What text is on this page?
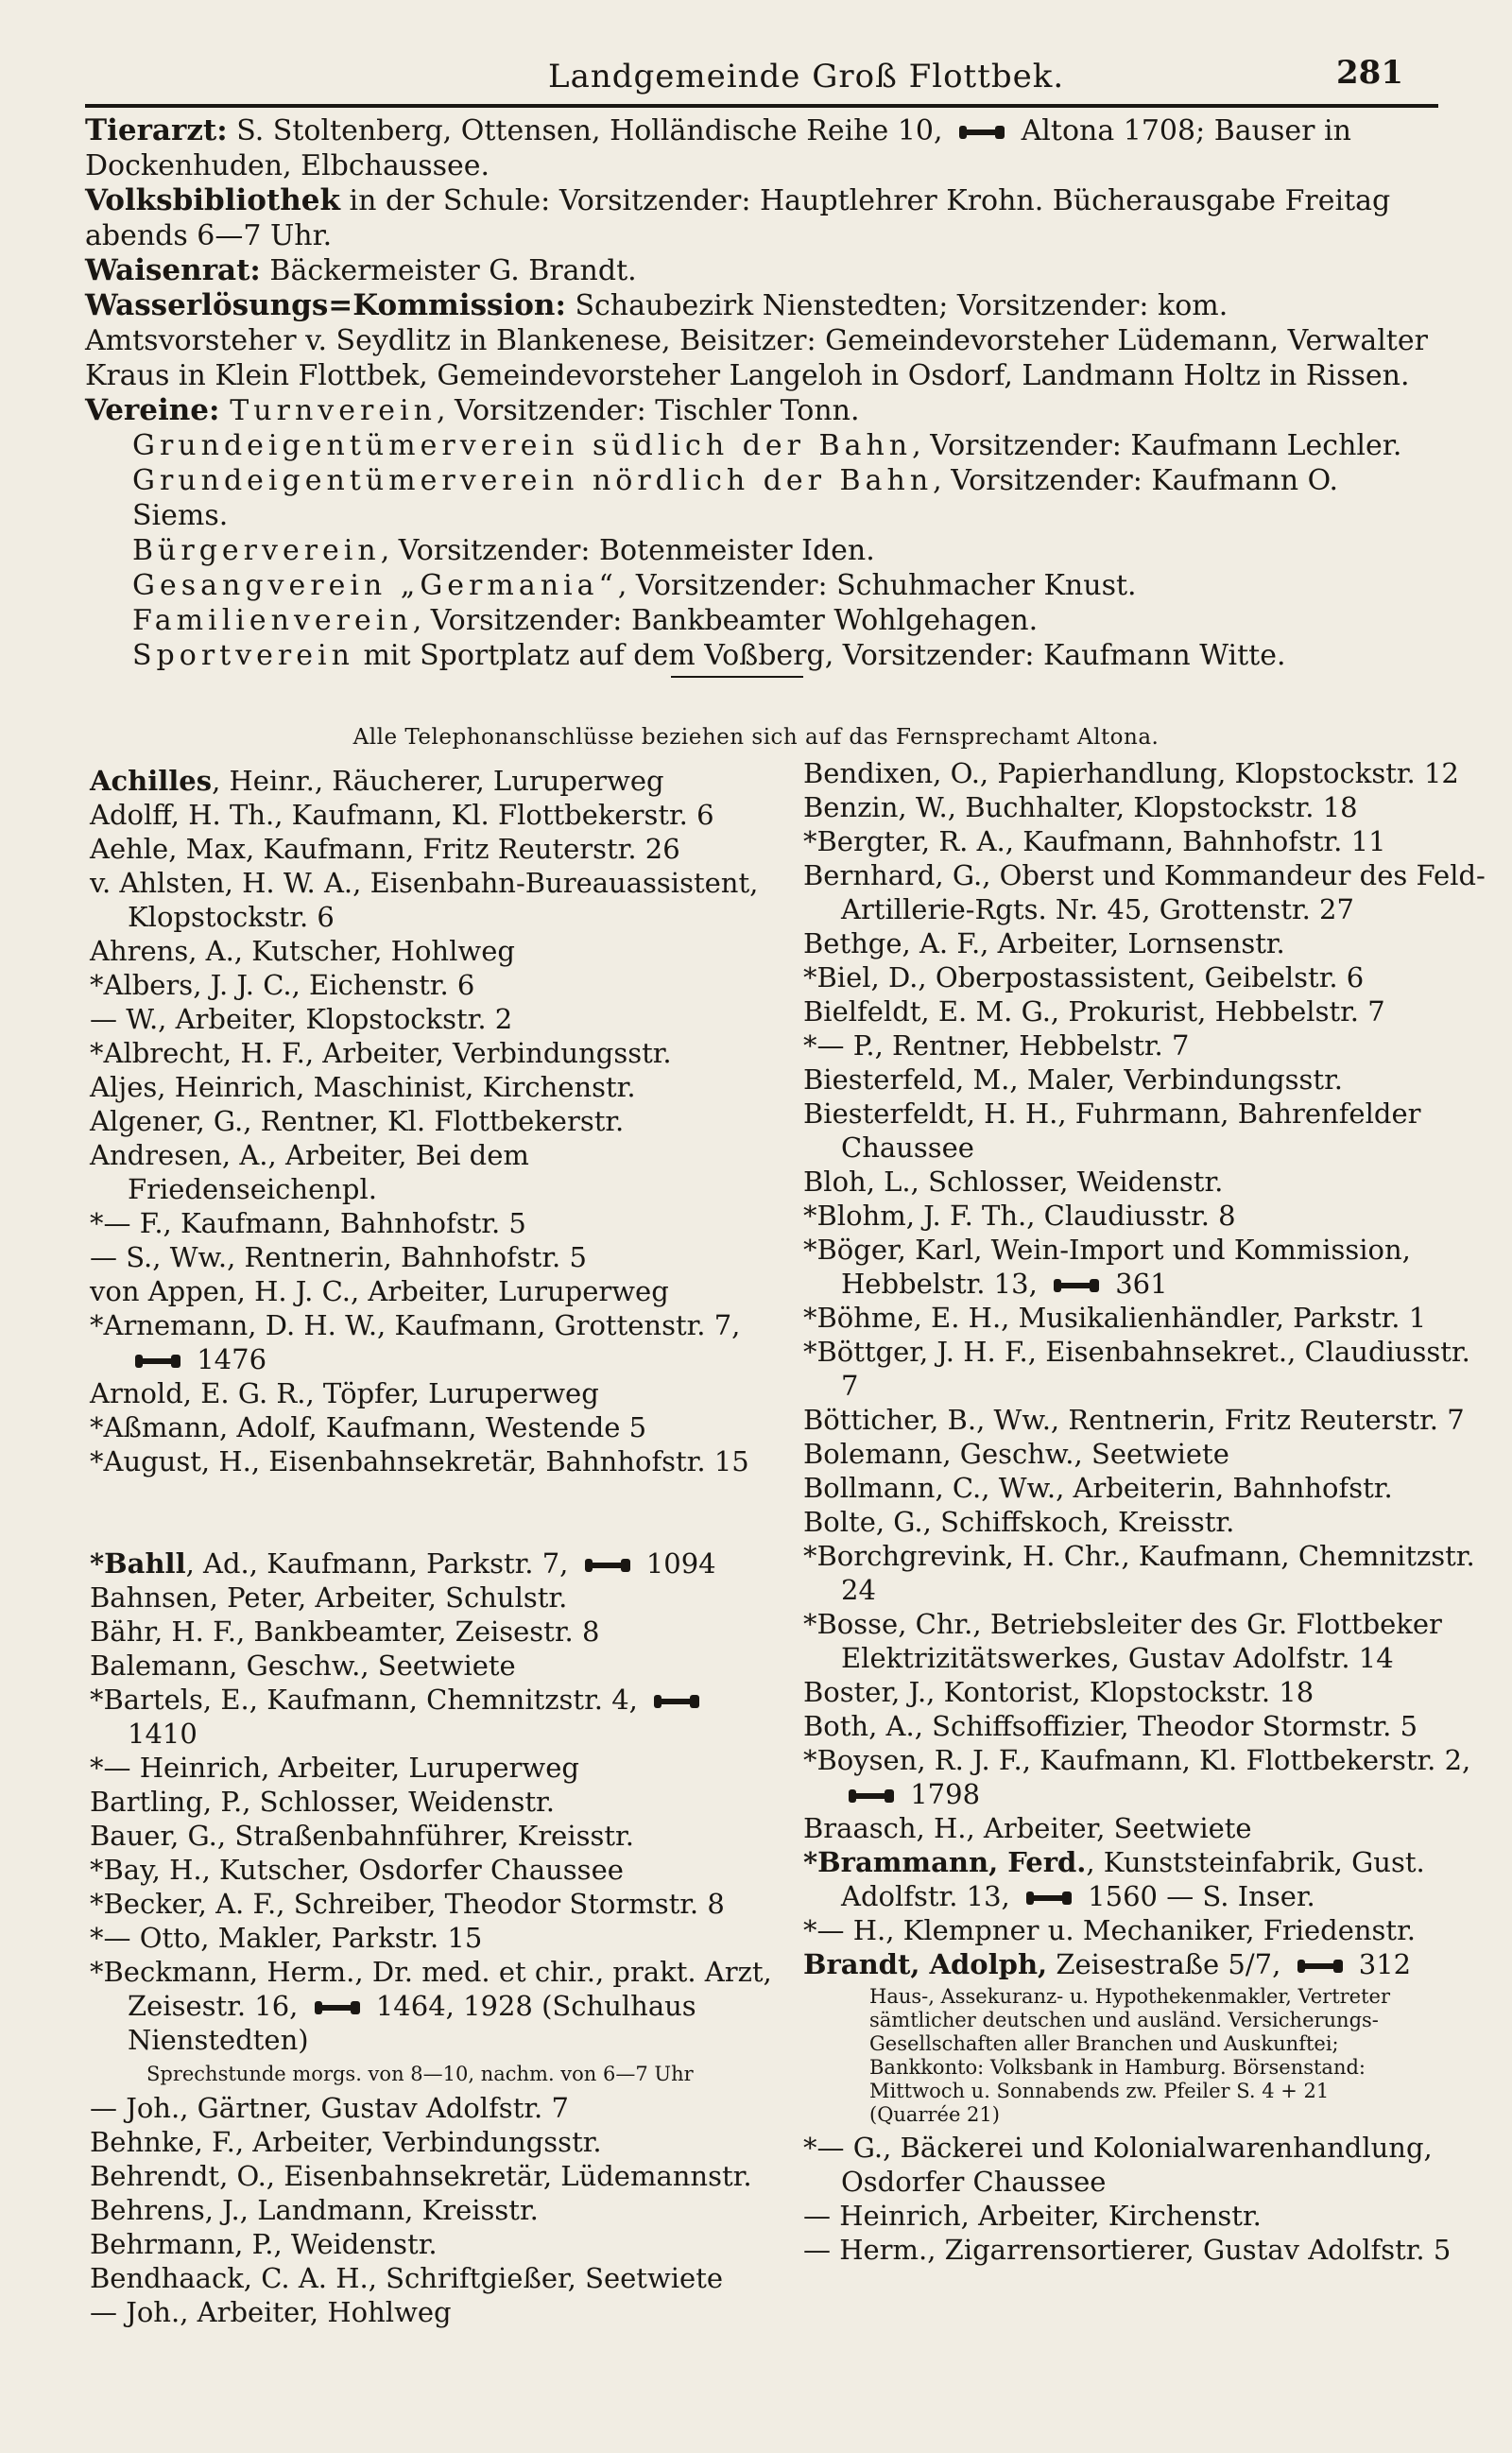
Landgemeinde Groß Flottbek.	281

Tierarzt: S. Stoltenberg, Ottensen, Holländische Reihe 10,  Altona 1708; Bauser in Dockenhuden, Elbchaussee.

Volksbibliothek in der Schule: Vorsitzender: Hauptlehrer Krohn. Bücherausgabe Freitag abends 6—7 Uhr.

Waisenrat: Bäckermeister G. Brandt.

Wasserlösungs=Kommission: Schaubezirk Nienstedten; Vorsitzender: kom. Amtsvorsteher v. Seydlitz in Blankenese, Beisitzer: Gemeindevorsteher Lüdemann, Verwalter Kraus in Klein Flottbek, Gemeindevorsteher Langeloh in Osdorf, Landmann Holtz in Rissen.

Vereine: Turnverein, Vorsitzender: Tischler Tonn.

Grundeigentümerverein südlich der Bahn, Vorsitzender: Kaufmann Lechler.

Grundeigentümerverein nördlich der Bahn, Vorsitzender: Kaufmann O. Siems.

Bürgerverein, Vorsitzender: Botenmeister Iden.

Gesangverein „Germania“, Vorsitzender: Schuhmacher Knust.

Familienverein, Vorsitzender: Bankbeamter Wohlgehagen.

Sportverein mit Sportplatz auf dem Voßberg, Vorsitzender: Kaufmann Witte.

Alle Telephonanschlüsse beziehen sich auf das Fernsprechamt Altona.
Achilles, Heinr., Räucherer, Luruperweg
Adolff, H. Th., Kaufmann, Kl. Flottbekerstr. 6
Aehle, Max, Kaufmann, Fritz Reuterstr. 26
v. Ahlsten, H. W. A., Eisenbahn-Bureauassistent, Klopstockstr. 6
Ahrens, A., Kutscher, Hohlweg
*Albers, J. J. C., Eichenstr. 6
— W., Arbeiter, Klopstockstr. 2
*Albrecht, H. F., Arbeiter, Verbindungsstr.
Aljes, Heinrich, Maschinist, Kirchenstr.
Algener, G., Rentner, Kl. Flottbekerstr.
Andresen, A., Arbeiter, Bei dem Friedenseichenpl.
*— F., Kaufmann, Bahnhofstr. 5
— S., Ww., Rentnerin, Bahnhofstr. 5
von Appen, H. J. C., Arbeiter, Luruperweg
*Arnemann, D. H. W., Kaufmann, Grottenstr. 7,  1476
Arnold, E. G. R., Töpfer, Luruperweg
*Aßmann, Adolf, Kaufmann, Westende 5
*August, H., Eisenbahnsekretär, Bahnhofstr. 15
*Bahll, Ad., Kaufmann, Parkstr. 7,  1094
Bahnsen, Peter, Arbeiter, Schulstr.
Bähr, H. F., Bankbeamter, Zeisestr. 8
Balemann, Geschw., Seetwiete
*Bartels, E., Kaufmann, Chemnitzstr. 4,  1410
*— Heinrich, Arbeiter, Luruperweg
Bartling, P., Schlosser, Weidenstr.
Bauer, G., Straßenbahnführer, Kreisstr.
*Bay, H., Kutscher, Osdorfer Chaussee
*Becker, A. F., Schreiber, Theodor Stormstr. 8
*— Otto, Makler, Parkstr. 15
*Beckmann, Herm., Dr. med. et chir., prakt. Arzt, Zeisestr. 16,  1464, 1928 (Schulhaus Nienstedten)
Sprechstunde morgs. von 8—10, nachm. von 6—7 Uhr
— Joh., Gärtner, Gustav Adolfstr. 7
Behnke, F., Arbeiter, Verbindungsstr.
Behrendt, O., Eisenbahnsekretär, Lüdemannstr.
Behrens, J., Landmann, Kreisstr.
Behrmann, P., Weidenstr.
Bendhaack, C. A. H., Schriftgießer, Seetwiete
— Joh., Arbeiter, Hohlweg
Bendixen, O., Papierhandlung, Klopstockstr. 12
Benzin, W., Buchhalter, Klopstockstr. 18
*Bergter, R. A., Kaufmann, Bahnhofstr. 11
Bernhard, G., Oberst und Kommandeur des Feld-Artillerie-Rgts. Nr. 45, Grottenstr. 27
Bethge, A. F., Arbeiter, Lornsenstr.
*Biel, D., Oberpostassistent, Geibelstr. 6
Bielfeldt, E. M. G., Prokurist, Hebbelstr. 7
*— P., Rentner, Hebbelstr. 7
Biesterfeld, M., Maler, Verbindungsstr.
Biesterfeldt, H. H., Fuhrmann, Bahrenfelder Chaussee
Bloh, L., Schlosser, Weidenstr.
*Blohm, J. F. Th., Claudiusstr. 8
*Böger, Karl, Wein-Import und Kommission, Hebbelstr. 13,  361
*Böhme, E. H., Musikalienhändler, Parkstr. 1
*Böttger, J. H. F., Eisenbahnsekret., Claudiusstr. 7
Bötticher, B., Ww., Rentnerin, Fritz Reuterstr. 7
Bolemann, Geschw., Seetwiete
Bollmann, C., Ww., Arbeiterin, Bahnhofstr.
Bolte, G., Schiffskoch, Kreisstr.
*Borchgrevink, H. Chr., Kaufmann, Chemnitzstr. 24
*Bosse, Chr., Betriebsleiter des Gr. Flottbeker Elektrizitätswerkes, Gustav Adolfstr. 14
Boster, J., Kontorist, Klopstockstr. 18
Both, A., Schiffsoffizier, Theodor Stormstr. 5
*Boysen, R. J. F., Kaufmann, Kl. Flottbekerstr. 2,  1798
Braasch, H., Arbeiter, Seetwiete
*Brammann, Ferd., Kunststeinfabrik, Gust. Adolfstr. 13,  1560 — S. Inser.
*— H., Klempner u. Mechaniker, Friedenstr.
Brandt, Adolph, Zeisestraße 5/7,  312
Haus-, Assekuranz- u. Hypothekenmakler, Vertreter
sämtlicher deutschen und ausländ. Versicherungs-
Gesellschaften aller Branchen und Auskunftei;
Bankkonto: Volksbank in Hamburg. Börsenstand:
Mittwoch u. Sonnabends zw. Pfeiler S. 4 + 21
(Quarrée 21)
*— G., Bäckerei und Kolonialwarenhandlung, Osdorfer Chaussee
— Heinrich, Arbeiter, Kirchenstr.
— Herm., Zigarrensortierer, Gustav Adolfstr. 5
